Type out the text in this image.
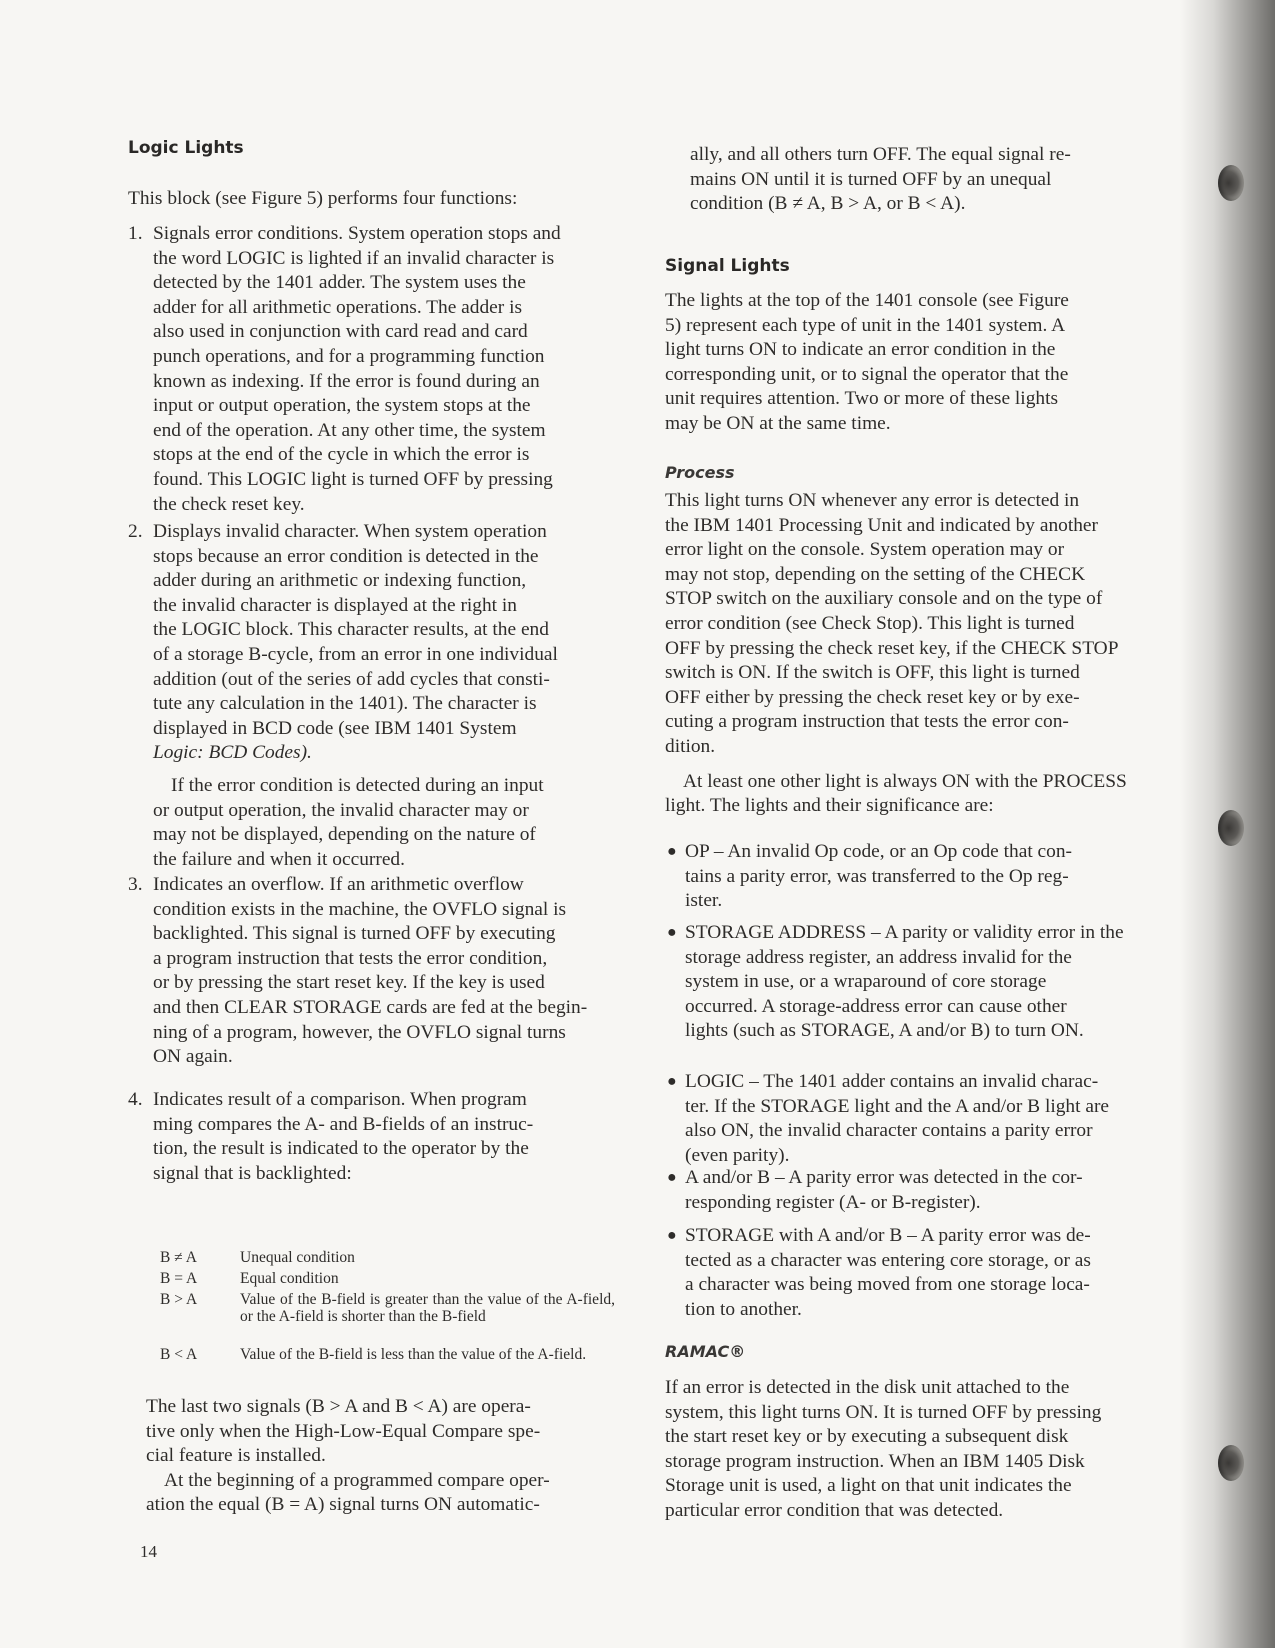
Logic Lights

This block (see Figure 5) performs four functions:

1. Signals error conditions. System operation stops and
the word LOGIC is lighted if an invalid character is
detected by the 1401 adder. The system uses the
adder for all arithmetic operations. The adder is
also used in conjunction with card read and card
punch operations, and for a programming function
known as indexing. If the error is found during an
input or output operation, the system stops at the
end of the operation. At any other time, the system
stops at the end of the cycle in which the error is
found. This LOGIC light is turned OFF by pressing
the check reset key.
2. Displays invalid character. When system operation
stops because an error condition is detected in the
adder during an arithmetic or indexing function,
the invalid character is displayed at the right in
the LOGIC block. This character results, at the end
of a storage B-cycle, from an error in one individual
addition (out of the series of add cycles that consti-
tute any calculation in the 1401). The character is
displayed in BCD code (see IBM 1401 System
Logic: BCD Codes).
If the error condition is detected during an input
or output operation, the invalid character may or
may not be displayed, depending on the nature of
the failure and when it occurred.
3. Indicates an overflow. If an arithmetic overflow
condition exists in the machine, the OVFLO signal is
backlighted. This signal is turned OFF by executing
a program instruction that tests the error condition,
or by pressing the start reset key. If the key is used
and then CLEAR STORAGE cards are fed at the begin-
ning of a program, however, the OVFLO signal turns
ON again.
4. Indicates result of a comparison. When program
ming compares the A- and B-fields of an instruc-
tion, the result is indicated to the operator by the
signal that is backlighted:
B ≠ A	Unequal condition
B = A	Equal condition
B > A	Value of the B-field is greater than the value of the A-field, or the A-field is shorter than the B-field
B < A	Value of the B-field is less than the value of the A-field.
The last two signals (B > A and B < A) are opera-
tive only when the High-Low-Equal Compare spe-
cial feature is installed.
At the beginning of a programmed compare oper-
ation the equal (B = A) signal turns ON automatic-
ally, and all others turn OFF. The equal signal re-
mains ON until it is turned OFF by an unequal
condition (B ≠ A, B > A, or B < A).
Signal Lights
The lights at the top of the 1401 console (see Figure
5) represent each type of unit in the 1401 system. A
light turns ON to indicate an error condition in the
corresponding unit, or to signal the operator that the
unit requires attention. Two or more of these lights
may be ON at the same time.
Process
This light turns ON whenever any error is detected in
the IBM 1401 Processing Unit and indicated by another
error light on the console. System operation may or
may not stop, depending on the setting of the CHECK
STOP switch on the auxiliary console and on the type of
error condition (see Check Stop). This light is turned
OFF by pressing the check reset key, if the CHECK STOP
switch is ON. If the switch is OFF, this light is turned
OFF either by pressing the check reset key or by exe-
cuting a program instruction that tests the error con-
dition.
At least one other light is always ON with the PROCESS
light. The lights and their significance are:
● OP – An invalid Op code, or an Op code that con-
tains a parity error, was transferred to the Op reg-
ister.
● STORAGE ADDRESS – A parity or validity error in the
storage address register, an address invalid for the
system in use, or a wraparound of core storage
occurred. A storage-address error can cause other
lights (such as STORAGE, A and/or B) to turn ON.
● LOGIC – The 1401 adder contains an invalid charac-
ter. If the STORAGE light and the A and/or B light are
also ON, the invalid character contains a parity error
(even parity).
● A and/or B – A parity error was detected in the cor-
responding register (A- or B-register).
● STORAGE with A and/or B – A parity error was de-
tected as a character was entering core storage, or as
a character was being moved from one storage loca-
tion to another.
RAMAC®
If an error is detected in the disk unit attached to the
system, this light turns ON. It is turned OFF by pressing
the start reset key or by executing a subsequent disk
storage program instruction. When an IBM 1405 Disk
Storage unit is used, a light on that unit indicates the
particular error condition that was detected.
14
